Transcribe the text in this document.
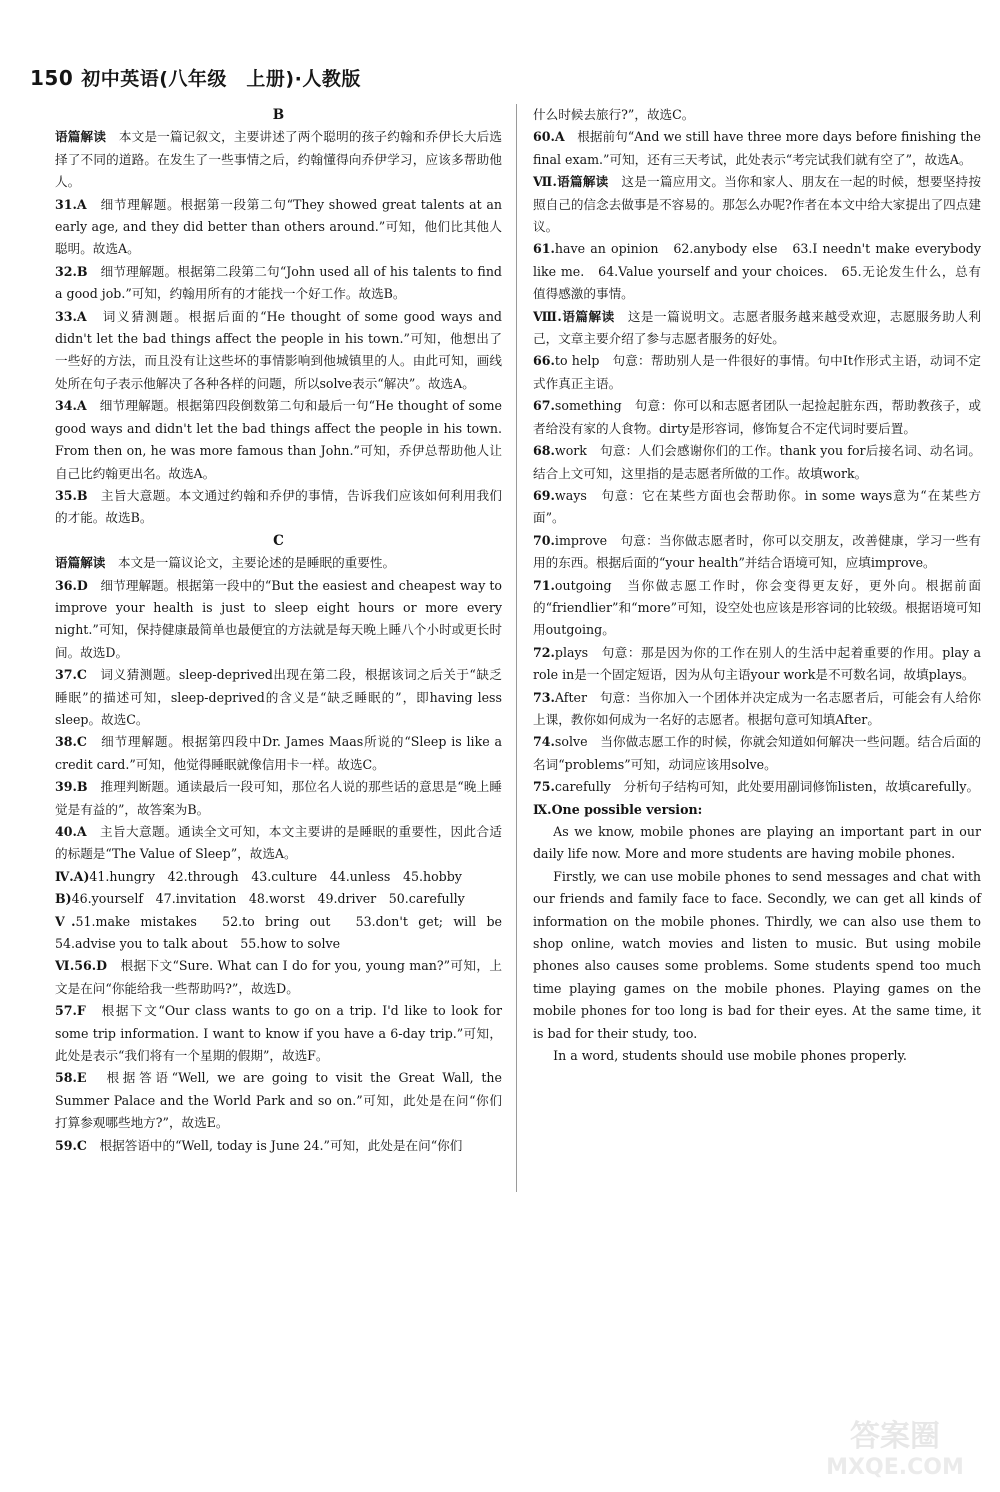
150 初中英语(八年级　上册)·人教版
B
语篇解读　本文是一篇记叙文，主要讲述了两个聪明的孩子约翰和乔伊长大后选择了不同的道路。在发生了一些事情之后，约翰懂得向乔伊学习，应该多帮助他人。
31.A　细节理解题。根据第一段第二句“They showed great talents at an early age, and they did better than others around.”可知，他们比其他人聪明。故选A。
32.B　细节理解题。根据第二段第二句“John used all of his talents to find a good job.”可知，约翰用所有的才能找一个好工作。故选B。
33.A　词义猜测题。根据后面的“He thought of some good ways and didn't let the bad things affect the people in his town.”可知，他想出了一些好的方法，而且没有让这些坏的事情影响到他城镇里的人。由此可知，画线处所在句子表示他解决了各种各样的问题，所以solve表示“解决”。故选A。
34.A　细节理解题。根据第四段倒数第二句和最后一句“He thought of some good ways and didn't let the bad things affect the people in his town. From then on, he was more famous than John.”可知，乔伊总帮助他人让自己比约翰更出名。故选A。
35.B　主旨大意题。本文通过约翰和乔伊的事情，告诉我们应该如何利用我们的才能。故选B。
C
语篇解读　本文是一篇议论文，主要论述的是睡眠的重要性。
36.D　细节理解题。根据第一段中的“But the easiest and cheapest way to improve your health is just to sleep eight hours or more every night.”可知，保持健康最简单也最便宜的方法就是每天晚上睡八个小时或更长时间。故选D。
37.C　词义猜测题。sleep-deprived出现在第二段，根据该词之后关于“缺乏睡眠”的描述可知，sleep-deprived的含义是“缺乏睡眠的”，即having less sleep。故选C。
38.C　细节理解题。根据第四段中Dr. James Maas所说的“Sleep is like a credit card.”可知，他觉得睡眠就像信用卡一样。故选C。
39.B　推理判断题。通读最后一段可知，那位名人说的那些话的意思是“晚上睡觉是有益的”，故答案为B。
40.A　主旨大意题。通读全文可知，本文主要讲的是睡眠的重要性，因此合适的标题是“The Value of Sleep”，故选A。
Ⅳ.A)41.hungry　42.through　43.culture　44.unless　45.hobby
B)46.yourself　47.invitation　48.worst　49.driver　50.carefully
Ⅴ.51.make mistakes　52.to bring out　53.don't get; will be　54.advise you to talk about　55.how to solve
Ⅵ.56.D　根据下文“Sure. What can I do for you, young man?”可知，上文是在问“你能给我一些帮助吗?”，故选D。
57.F　根据下文“Our class wants to go on a trip. I'd like to look for some trip information. I want to know if you have a 6-day trip.”可知，此处是表示“我们将有一个星期的假期”，故选F。
58.E　根据答语“Well, we are going to visit the Great Wall, the Summer Palace and the World Park and so on.”可知，此处是在问“你们打算参观哪些地方?”，故选E。
59.C　根据答语中的“Well, today is June 24.”可知，此处是在问“你们
什么时候去旅行?”，故选C。
60.A　根据前句“And we still have three more days before finishing the final exam.”可知，还有三天考试，此处表示“考完试我们就有空了”，故选A。
Ⅶ.语篇解读　这是一篇应用文。当你和家人、朋友在一起的时候，想要坚持按照自己的信念去做事是不容易的。那怎么办呢?作者在本文中给大家提出了四点建议。
61.have an opinion　62.anybody else　63.I needn't make everybody like me.　64.Value yourself and your choices.　65.无论发生什么，总有值得感激的事情。
Ⅷ.语篇解读　这是一篇说明文。志愿者服务越来越受欢迎，志愿服务助人利己，文章主要介绍了参与志愿者服务的好处。
66.to help　句意：帮助别人是一件很好的事情。句中It作形式主语，动词不定式作真正主语。
67.something　句意：你可以和志愿者团队一起捡起脏东西，帮助教孩子，或者给没有家的人食物。dirty是形容词，修饰复合不定代词时要后置。
68.work　句意：人们会感谢你们的工作。thank you for后接名词、动名词。结合上文可知，这里指的是志愿者所做的工作。故填work。
69.ways　句意：它在某些方面也会帮助你。in some ways意为“在某些方面”。
70.improve　句意：当你做志愿者时，你可以交朋友，改善健康，学习一些有用的东西。根据后面的“your health”并结合语境可知，应填improve。
71.outgoing　当你做志愿工作时，你会变得更友好，更外向。根据前面的“friendlier”和“more”可知，设空处也应该是形容词的比较级。根据语境可知用outgoing。
72.plays　句意：那是因为你的工作在别人的生活中起着重要的作用。play a role in是一个固定短语，因为从句主语your work是不可数名词，故填plays。
73.After　句意：当你加入一个团体并决定成为一名志愿者后，可能会有人给你上课，教你如何成为一名好的志愿者。根据句意可知填After。
74.solve　当你做志愿工作的时候，你就会知道如何解决一些问题。结合后面的名词“problems”可知，动词应该用solve。
75.carefully　分析句子结构可知，此处要用副词修饰listen，故填carefully。
Ⅸ.One possible version:
As we know, mobile phones are playing an important part in our daily life now. More and more students are having mobile phones.
Firstly, we can use mobile phones to send messages and chat with our friends and family face to face. Secondly, we can get all kinds of information on the mobile phones. Thirdly, we can also use them to shop online, watch movies and listen to music. But using mobile phones also causes some problems. Some students spend too much time playing games on the mobile phones. Playing games on the mobile phones for too long is bad for their eyes. At the same time, it is bad for their study, too.
In a word, students should use mobile phones properly.
答案圈
MXQE.COM
